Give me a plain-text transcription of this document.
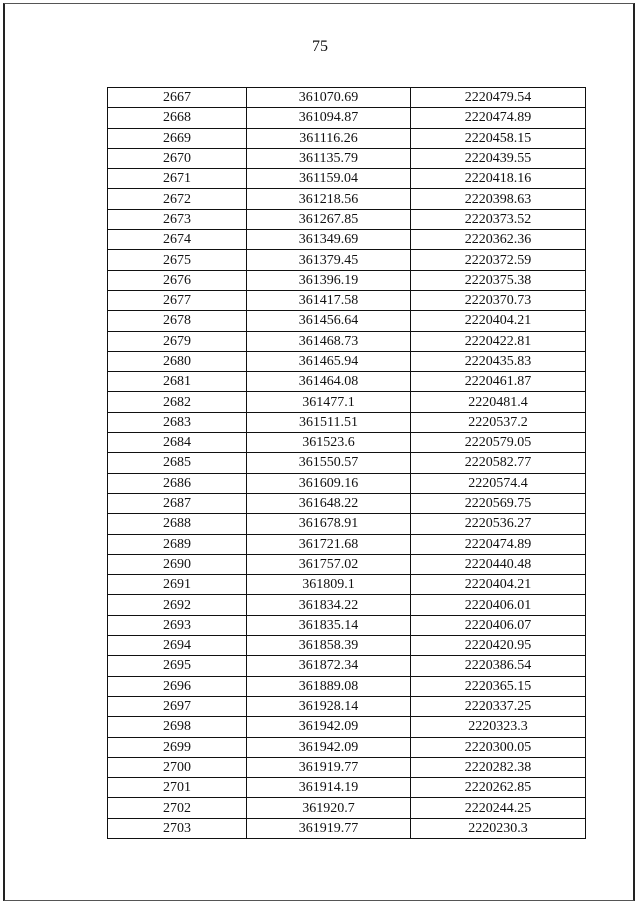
75
2667	361070.69	2220479.54
2668	361094.87	2220474.89
2669	361116.26	2220458.15
2670	361135.79	2220439.55
2671	361159.04	2220418.16
2672	361218.56	2220398.63
2673	361267.85	2220373.52
2674	361349.69	2220362.36
2675	361379.45	2220372.59
2676	361396.19	2220375.38
2677	361417.58	2220370.73
2678	361456.64	2220404.21
2679	361468.73	2220422.81
2680	361465.94	2220435.83
2681	361464.08	2220461.87
2682	361477.1	2220481.4
2683	361511.51	2220537.2
2684	361523.6	2220579.05
2685	361550.57	2220582.77
2686	361609.16	2220574.4
2687	361648.22	2220569.75
2688	361678.91	2220536.27
2689	361721.68	2220474.89
2690	361757.02	2220440.48
2691	361809.1	2220404.21
2692	361834.22	2220406.01
2693	361835.14	2220406.07
2694	361858.39	2220420.95
2695	361872.34	2220386.54
2696	361889.08	2220365.15
2697	361928.14	2220337.25
2698	361942.09	2220323.3
2699	361942.09	2220300.05
2700	361919.77	2220282.38
2701	361914.19	2220262.85
2702	361920.7	2220244.25
2703	361919.77	2220230.3
